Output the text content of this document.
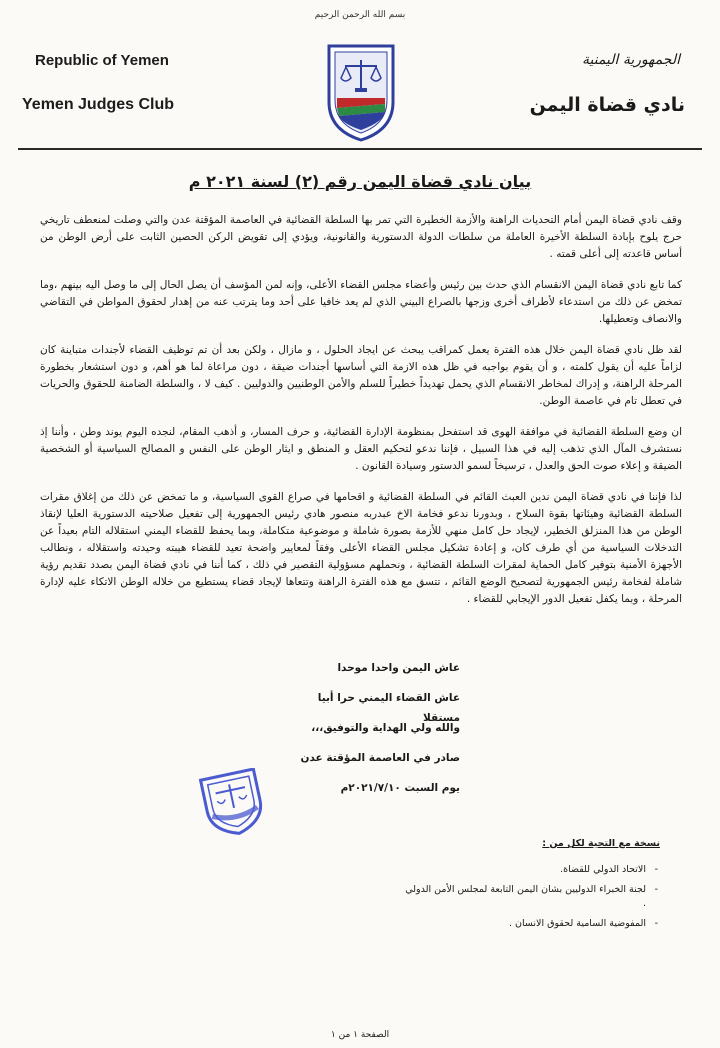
بسم الله الرحمن الرحيم
Republic of Yemen
Yemen Judges Club
الجمهورية اليمنية
نادي قضاة اليمن
بيان نادي قضاة اليمن رقم (٢) لسنة ٢٠٢١ م

وقف نادي قضاة اليمن أمام التحديات الراهنة والأزمة الخطيرة التي تمر بها السلطة القضائية في العاصمة المؤقتة عدن والتي وصلت لمنعطف تاريخي حرج يلوح بإبادة السلطة الأخيرة العاملة من سلطات الدولة الدستورية والقانونية، ويؤدي إلى تقويض الركن الحصين الثابت على أرض الوطن من أساس قاعدته إلى أعلى قمته .

كما تابع نادي قضاة اليمن الانقسام الذي حدث بين رئيس وأعضاء مجلس القضاء الأعلى، وإنه لمن المؤسف أن يصل الحال إلى ما وصل اليه بينهم ،وما تمخض عن ذلك من استدعاء لأطراف أخرى وزجها بالصراع البيني الذي لم يعد خافيا على أحد وما يترتب عنه من إهدار لحقوق المواطن في التقاضي والانصاف وتعطيلها.

لقد ظل نادي قضاة اليمن خلال هذه الفترة يعمل كمراقب يبحث عن ايجاد الحلول ، و مازال ، ولكن بعد أن تم توظيف القضاء لأجندات متباينة كان لزاماً عليه أن يقول كلمته ، و أن يقوم بواجبه في ظل هذه الازمة التي أساسها أجندات ضيقة ، دون مراعاة لما هو أهم، و دون استشعار بخطورة المرحلة الراهنة، و إدراك لمخاطر الانقسام الذي يحمل تهديداً خطيراً للسلم والأمن الوطنيين والدوليين . كيف لا ، والسلطة الضامنة للحقوق والحريات في تعطل تام في عاصمة الوطن.

ان وضع السلطة القضائية في موافقة الهوى قد استفحل بمنظومة الإدارة القضائية، و حرف المسار، و أذهب المقام، لنجده اليوم يوند وطن ، وأننا إذ نستشرف المآل الذي تذهب إليه في هذا السبيل ، فإننا ندعو لتحكيم العقل و المنطق و ايثار الوطن على النفس و المصالح السياسية أو الشخصية الضيقة و إعلاء صوت الحق والعدل ، ترسيخاً لسمو الدستور وسيادة القانون .

لذا فإننا في نادي قضاة اليمن ندين العبث القائم في السلطة القضائية و اقحامها في صراع القوى السياسية، و ما تمخض عن ذلك من إغلاق مقرات السلطة القضائية وهيئاتها بقوة السلاح ، وبدورنا ندعو فخامة الاخ عبدربه منصور هادي رئيس الجمهورية إلى تفعيل صلاحيته الدستورية العليا لإنقاذ الوطن من هذا المنزلق الخطير، لإيجاد حل كامل منهي للأزمة بصورة شاملة و موضوعية متكاملة، وبما يحفظ للقضاء اليمني استقلاله التام بعيداً عن التدخلات السياسية من أي طرف كان، و إعادة تشكيل مجلس القضاء الأعلى وفقاً لمعايير واضحة تعيد للقضاء هيبته وحيدته واستقلاله ، ونطالب الأجهزة الأمنية بتوفير كامل الحماية لمقرات السلطة القضائية ، ونحملهم مسؤولية التقصير في ذلك ، كما أننا في نادي قضاة اليمن بصدد تقديم رؤية شاملة لفخامة رئيس الجمهورية لتصحيح الوضع القائم ، تتسق مع هذه الفترة الراهنة وتتعاها لإيجاد قضاء يستطيع من خلاله الوطن الاتكاء عليه لإدارة المرحلة ، وبما يكفل تفعيل الدور الإيجابي للقضاء .

عاش اليمن واحدا موحدا
عاش القضاء اليمني حرا أبيا مستقلا
والله ولي الهداية والتوفيق،،،
صادر في العاصمة المؤقتة عدن
يوم السبت ٢٠٢١/٧/١٠م
نسخة مع التحية لكل من :
- الاتحاد الدولي للقضاة.
- لجنة الخبراء الدوليين بشان اليمن التابعة لمجلس الأمن الدولي .
- المفوضية السامية لحقوق الانسان .
الصفحة ١ من ١
